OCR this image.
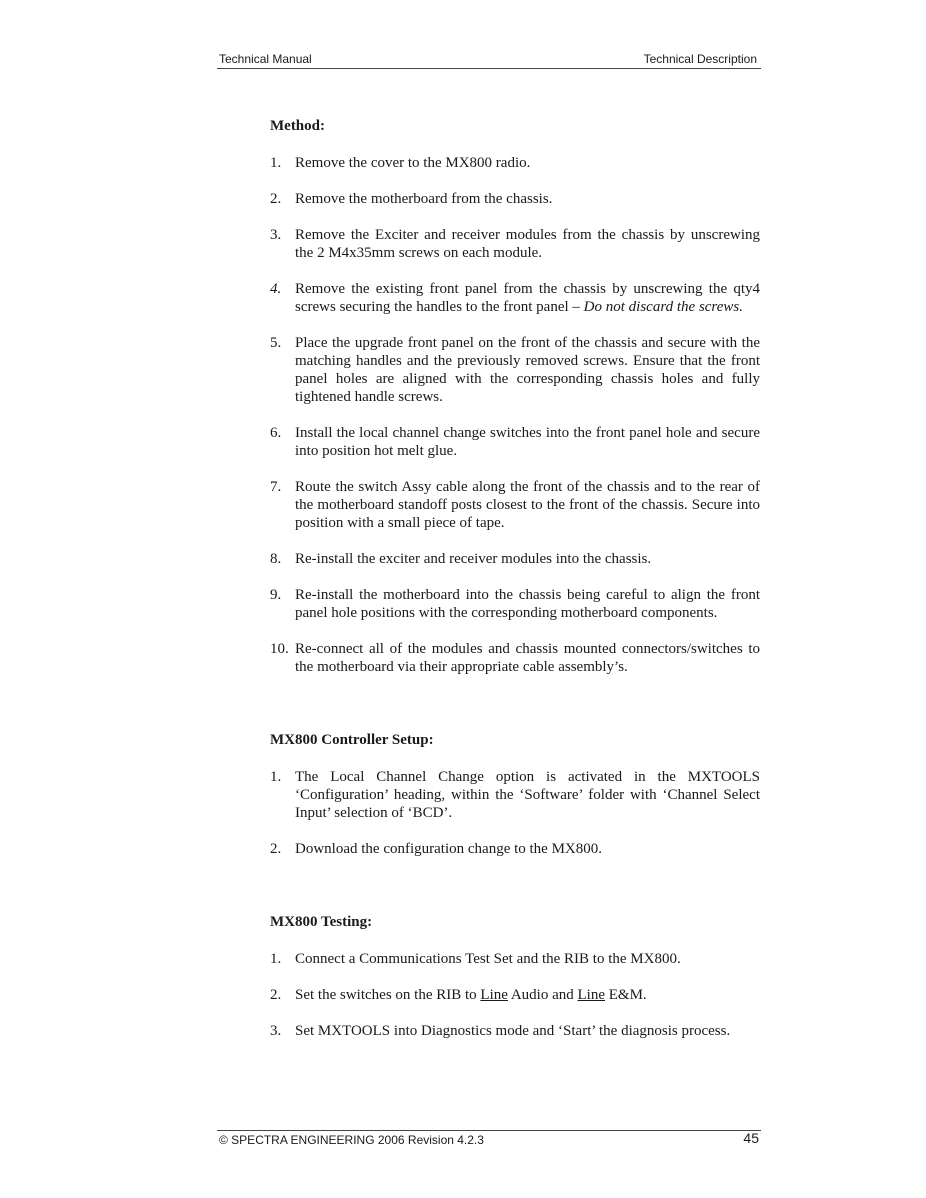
Technical Manual	Technical Description
Method:
1. Remove the cover to the MX800 radio.
2. Remove the motherboard from the chassis.
3. Remove the Exciter and receiver modules from the chassis by unscrewing the 2 M4x35mm screws on each module.
4. Remove the existing front panel from the chassis by unscrewing the qty4 screws securing the handles to the front panel – Do not discard the screws.
5. Place the upgrade front panel on the front of the chassis and secure with the matching handles and the previously removed screws. Ensure that the front panel holes are aligned with the corresponding chassis holes and fully tightened handle screws.
6. Install the local channel change switches into the front panel hole and secure into position hot melt glue.
7. Route the switch Assy cable along the front of the chassis and to the rear of the motherboard standoff posts closest to the front of the chassis. Secure into position with a small piece of tape.
8. Re-install the exciter and receiver modules into the chassis.
9. Re-install the motherboard into the chassis being careful to align the front panel hole positions with the corresponding motherboard components.
10. Re-connect all of the modules and chassis mounted connectors/switches to the motherboard via their appropriate cable assembly’s.
MX800 Controller Setup:
1. The Local Channel Change option is activated in the MXTOOLS ‘Configuration’ heading, within the ‘Software’ folder with ‘Channel Select Input’ selection of ‘BCD’.
2. Download the configuration change to the MX800.
MX800 Testing:
1. Connect a Communications Test Set and the RIB to the MX800.
2. Set the switches on the RIB to Line Audio and Line E&M.
3. Set MXTOOLS into Diagnostics mode and ‘Start’ the diagnosis process.
© SPECTRA ENGINEERING 2006 Revision 4.2.3	45
